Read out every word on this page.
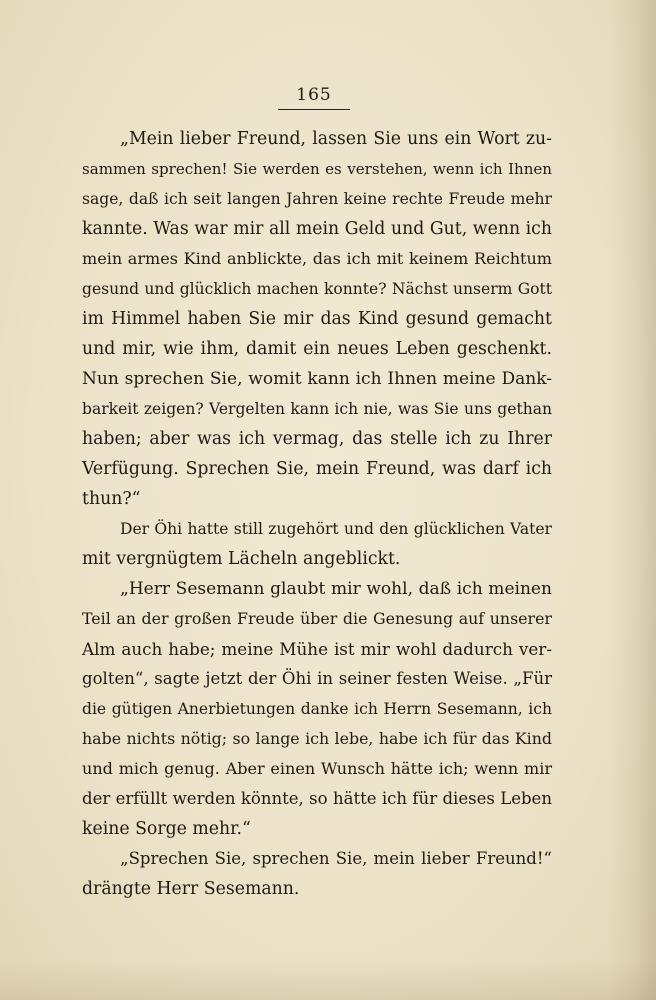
165
„Mein lieber Freund, lassen Sie uns ein Wort zu-
sammen sprechen! Sie werden es verstehen, wenn ich Ihnen
sage, daß ich seit langen Jahren keine rechte Freude mehr
kannte. Was war mir all mein Geld und Gut, wenn ich
mein armes Kind anblickte, das ich mit keinem Reichtum
gesund und glücklich machen konnte? Nächst unserm Gott
im Himmel haben Sie mir das Kind gesund gemacht
und mir, wie ihm, damit ein neues Leben geschenkt.
Nun sprechen Sie, womit kann ich Ihnen meine Dank-
barkeit zeigen? Vergelten kann ich nie, was Sie uns gethan
haben; aber was ich vermag, das stelle ich zu Ihrer
Verfügung. Sprechen Sie, mein Freund, was darf ich
thun?“
Der Öhi hatte still zugehört und den glücklichen Vater
mit vergnügtem Lächeln angeblickt.
„Herr Sesemann glaubt mir wohl, daß ich meinen
Teil an der großen Freude über die Genesung auf unserer
Alm auch habe; meine Mühe ist mir wohl dadurch ver-
golten“, sagte jetzt der Öhi in seiner festen Weise. „Für
die gütigen Anerbietungen danke ich Herrn Sesemann, ich
habe nichts nötig; so lange ich lebe, habe ich für das Kind
und mich genug. Aber einen Wunsch hätte ich; wenn mir
der erfüllt werden könnte, so hätte ich für dieses Leben
keine Sorge mehr.“
„Sprechen Sie, sprechen Sie, mein lieber Freund!“
drängte Herr Sesemann.
